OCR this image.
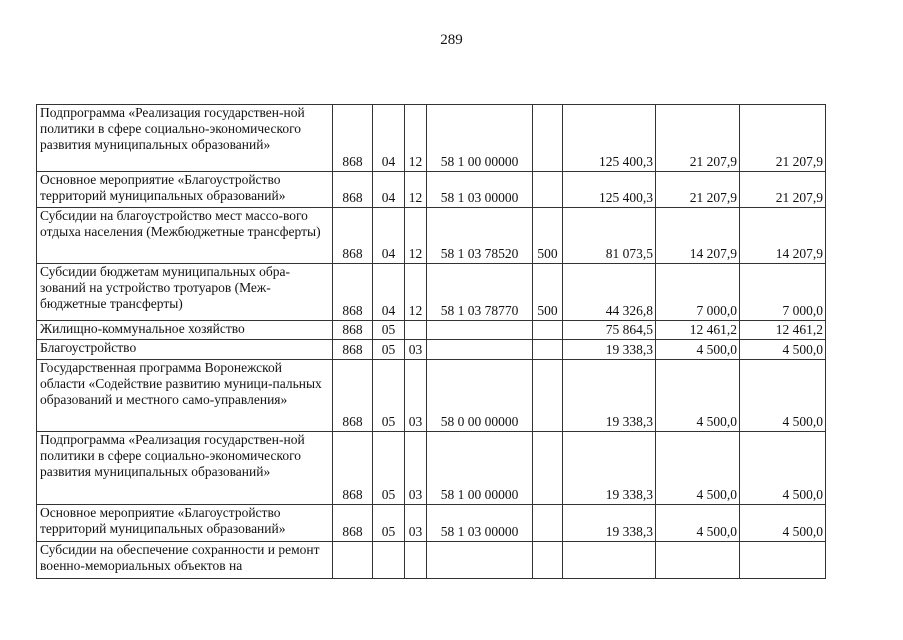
289
Подпрограмма «Реализация государствен-ной политики в сфере социально-экономического развития муниципальных образований»	868	04	12	58 1 00 00000		125 400,3	21 207,9	21 207,9
Основное мероприятие «Благоустройство территорий муниципальных образований»	868	04	12	58 1 03 00000		125 400,3	21 207,9	21 207,9
Субсидии на благоустройство мест массо-вого отдыха населения (Межбюджетные трансферты)	868	04	12	58 1 03 78520	500	81 073,5	14 207,9	14 207,9
Субсидии бюджетам муниципальных обра-зований на устройство тротуаров (Меж-бюджетные трансферты)	868	04	12	58 1 03 78770	500	44 326,8	7 000,0	7 000,0
Жилищно-коммунальное хозяйство	868	05				75 864,5	12 461,2	12 461,2
Благоустройство	868	05	03			19 338,3	4 500,0	4 500,0
Государственная программа Воронежской области «Содействие развитию муници-пальных образований и местного само-управления»	868	05	03	58 0 00 00000		19 338,3	4 500,0	4 500,0
Подпрограмма «Реализация государствен-ной политики в сфере социально-экономического развития муниципальных образований»	868	05	03	58 1 00 00000		19 338,3	4 500,0	4 500,0
Основное мероприятие «Благоустройство территорий муниципальных образований»	868	05	03	58 1 03 00000		19 338,3	4 500,0	4 500,0
Субсидии на обеспечение сохранности и ремонт военно-мемориальных объектов на								
